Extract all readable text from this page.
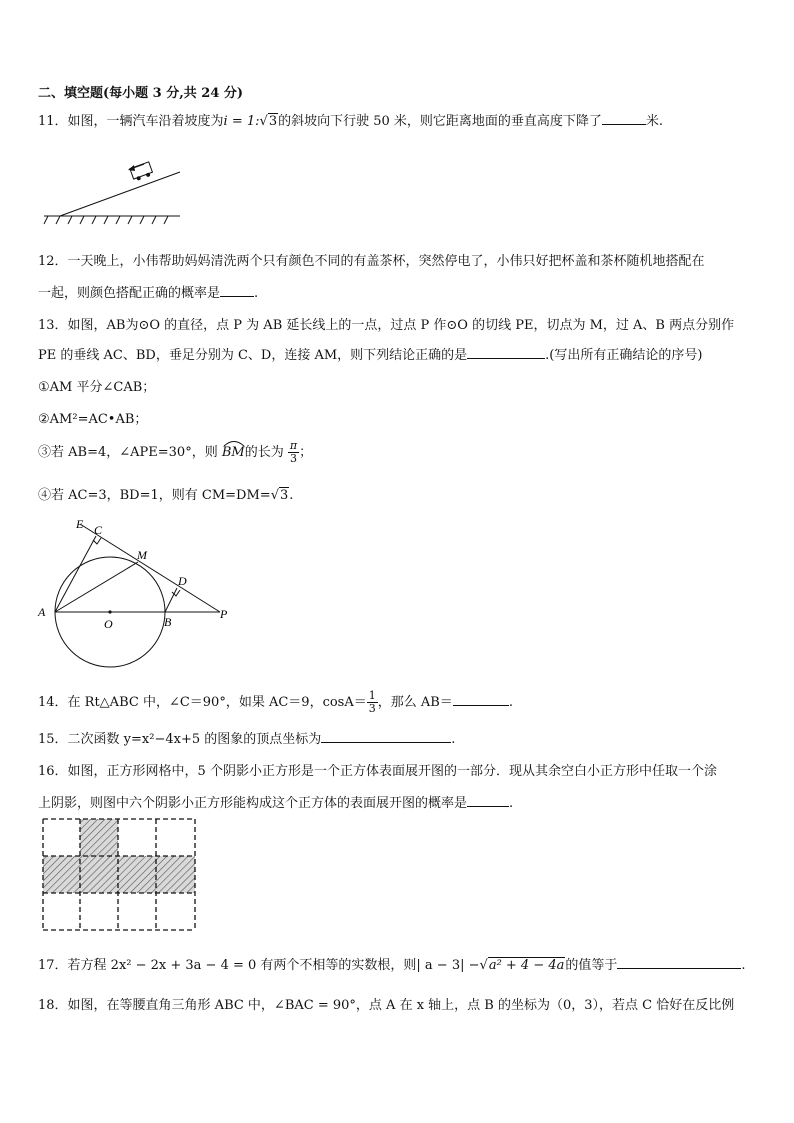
二、填空题(每小题 3 分,共 24 分)
11．如图，一辆汽车沿着坡度为i = 1:√3的斜坡向下行驶 50 米，则它距离地面的垂直高度下降了	米.
12．一天晚上，小伟帮助妈妈清洗两个只有颜色不同的有盖茶杯，突然停电了，小伟只好把杯盖和茶杯随机地搭配在
一起，则颜色搭配正确的概率是	.
13．如图，AB为⊙O 的直径，点 P 为 AB 延长线上的一点，过点 P 作⊙O 的切线 PE，切点为 M，过 A、B 两点分别作
PE 的垂线 AC、BD，垂足分别为 C、D，连接 AM，则下列结论正确的是	.(写出所有正确结论的序号)
①AM 平分∠CAB；
②AM²=AC•AB；
③若 AB=4，∠APE=30°，则 BM的长为 $\frac{\pi}{3}$ ；
④若 AC=3，BD=1，则有 CM=DM=√3.
E C
M
D
A
O	B
P
14．在 Rt△ABC 中，∠C＝90°，如果 AC＝9，$\cos A= \frac{1}{3}$ ，那么 AB＝	.
15．二次函数 y=x²−4x+5 的图象的顶点坐标为	.
16．如图，正方形网格中，5 个阴影小正方形是一个正方体表面展开图的一部分．现从其余空白小正方形中任取一个涂
上阴影，则图中六个阴影小正方形能构成这个正方体的表面展开图的概率是	.
17．若方程 2x² − 2x + 3a − 4 = 0 有两个不相等的实数根，则| a − 3| −√a² + 4 − 4a的值等于	.
18．如图，在等腰直角三角形 ABC 中，∠BAC = 90°，点 A 在 x 轴上，点 B 的坐标为（0，3），若点 C 恰好在反比例
